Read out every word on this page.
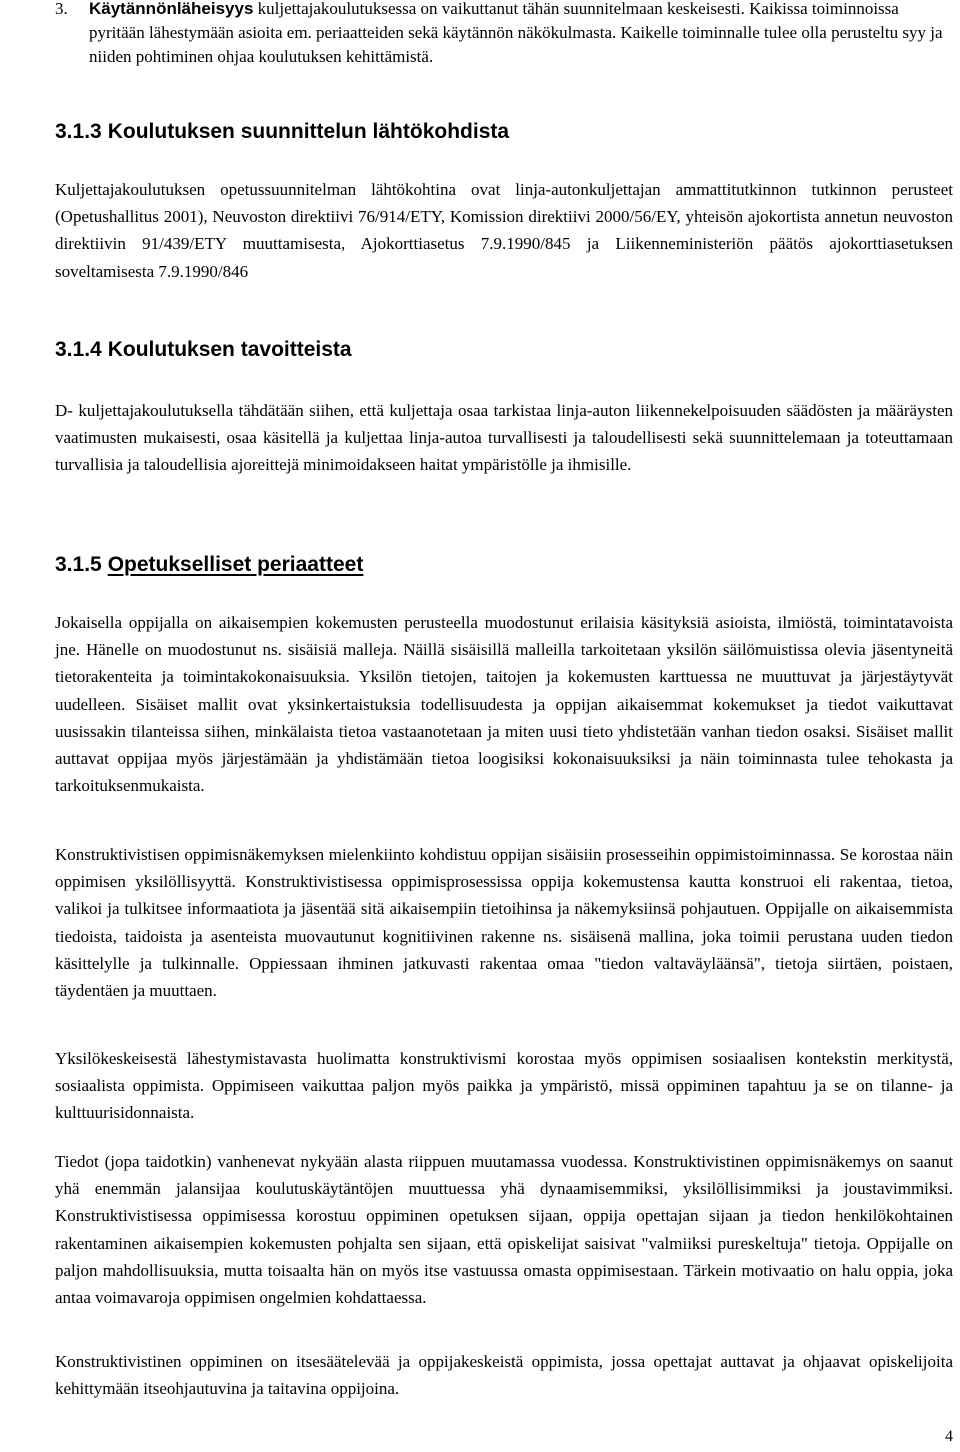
3. Käytännönläheisyys kuljettajakoulutuksessa on vaikuttanut tähän suunnitelmaan keskeisesti. Kaikissa toiminnoissa pyritään lähestymään asioita em. periaatteiden sekä käytännön näkökulmasta. Kaikelle toiminnalle tulee olla perusteltu syy ja niiden pohtiminen ohjaa koulutuksen kehittämistä.
3.1.3 Koulutuksen suunnittelun lähtökohdista

Kuljettajakoulutuksen opetussuunnitelman lähtökohtina ovat linja-autonkuljettajan ammattitutkinnon tutkinnon perusteet (Opetushallitus 2001), Neuvoston direktiivi 76/914/ETY, Komission direktiivi 2000/56/EY, yhteisön ajokortista annetun neuvoston direktiivin 91/439/ETY muuttamisesta, Ajokorttiasetus 7.9.1990/845 ja Liikenneministeriön päätös ajokorttiasetuksen soveltamisesta 7.9.1990/846

3.1.4 Koulutuksen tavoitteista

D- kuljettajakoulutuksella tähdätään siihen, että kuljettaja osaa tarkistaa linja-auton liikennekelpoisuuden säädösten ja määräysten vaatimusten mukaisesti, osaa käsitellä ja kuljettaa linja-autoa turvallisesti ja taloudellisesti sekä suunnittelemaan ja toteuttamaan turvallisia ja taloudellisia ajoreittejä minimoidakseen haitat ympäristölle ja ihmisille.

3.1.5 Opetukselliset periaatteet

Jokaisella oppijalla on aikaisempien kokemusten perusteella muodostunut erilaisia käsityksiä asioista, ilmiöstä, toimintatavoista jne. Hänelle on muodostunut ns. sisäisiä malleja. Näillä sisäisillä malleilla tarkoitetaan yksilön säilömuistissa olevia jäsentyneitä tietorakenteita ja toimintakokonaisuuksia. Yksilön tietojen, taitojen ja kokemusten karttuessa ne muuttuvat ja järjestäytyvät uudelleen. Sisäiset mallit ovat yksinkertaistuksia todellisuudesta ja oppijan aikaisemmat kokemukset ja tiedot vaikuttavat uusissakin tilanteissa siihen, minkälaista tietoa vastaanotetaan ja miten uusi tieto yhdistetään vanhan tiedon osaksi. Sisäiset mallit auttavat oppijaa myös järjestämään ja yhdistämään tietoa loogisiksi kokonaisuuksiksi ja näin toiminnasta tulee tehokasta ja tarkoituksenmukaista.

Konstruktivistisen oppimisnäkemyksen mielenkiinto kohdistuu oppijan sisäisiin prosesseihin oppimistoiminnassa. Se korostaa näin oppimisen yksilöllisyyttä. Konstruktivistisessa oppimisprosessissa oppija kokemustensa kautta konstruoi eli rakentaa, tietoa, valikoi ja tulkitsee informaatiota ja jäsentää sitä aikaisempiin tietoihinsa ja näkemyksiinsä pohjautuen. Oppijalle on aikaisemmista tiedoista, taidoista ja asenteista muovautunut kognitiivinen rakenne ns. sisäisenä mallina, joka toimii perustana uuden tiedon käsittelylle ja tulkinnalle. Oppiessaan ihminen jatkuvasti rakentaa omaa "tiedon valtaväyläänsä", tietoja siirtäen, poistaen, täydentäen ja muuttaen.

Yksilökeskeisestä lähestymistavasta huolimatta konstruktivismi korostaa myös oppimisen sosiaalisen kontekstin merkitystä, sosiaalista oppimista. Oppimiseen vaikuttaa paljon myös paikka ja ympäristö, missä oppiminen tapahtuu ja se on tilanne- ja kulttuurisidonnaista.

Tiedot (jopa taidotkin) vanhenevat nykyään alasta riippuen muutamassa vuodessa. Konstruktivistinen oppimisnäkemys on saanut yhä enemmän jalansijaa koulutuskäytäntöjen muuttuessa yhä dynaamisemmiksi, yksilöllisimmiksi ja joustavimmiksi. Konstruktivistisessa oppimisessa korostuu oppiminen opetuksen sijaan, oppija opettajan sijaan ja tiedon henkilökohtainen rakentaminen aikaisempien kokemusten pohjalta sen sijaan, että opiskelijat saisivat "valmiiksi pureskeltuja" tietoja. Oppijalle on paljon mahdollisuuksia, mutta toisaalta hän on myös itse vastuussa omasta oppimisestaan. Tärkein motivaatio on halu oppia, joka antaa voimavaroja oppimisen ongelmien kohdattaessa.

Konstruktivistinen oppiminen on itsesäätelevää ja oppijakeskeistä oppimista, jossa opettajat auttavat ja ohjaavat opiskelijoita kehittymään itseohjautuvina ja taitavina oppijoina.

4
